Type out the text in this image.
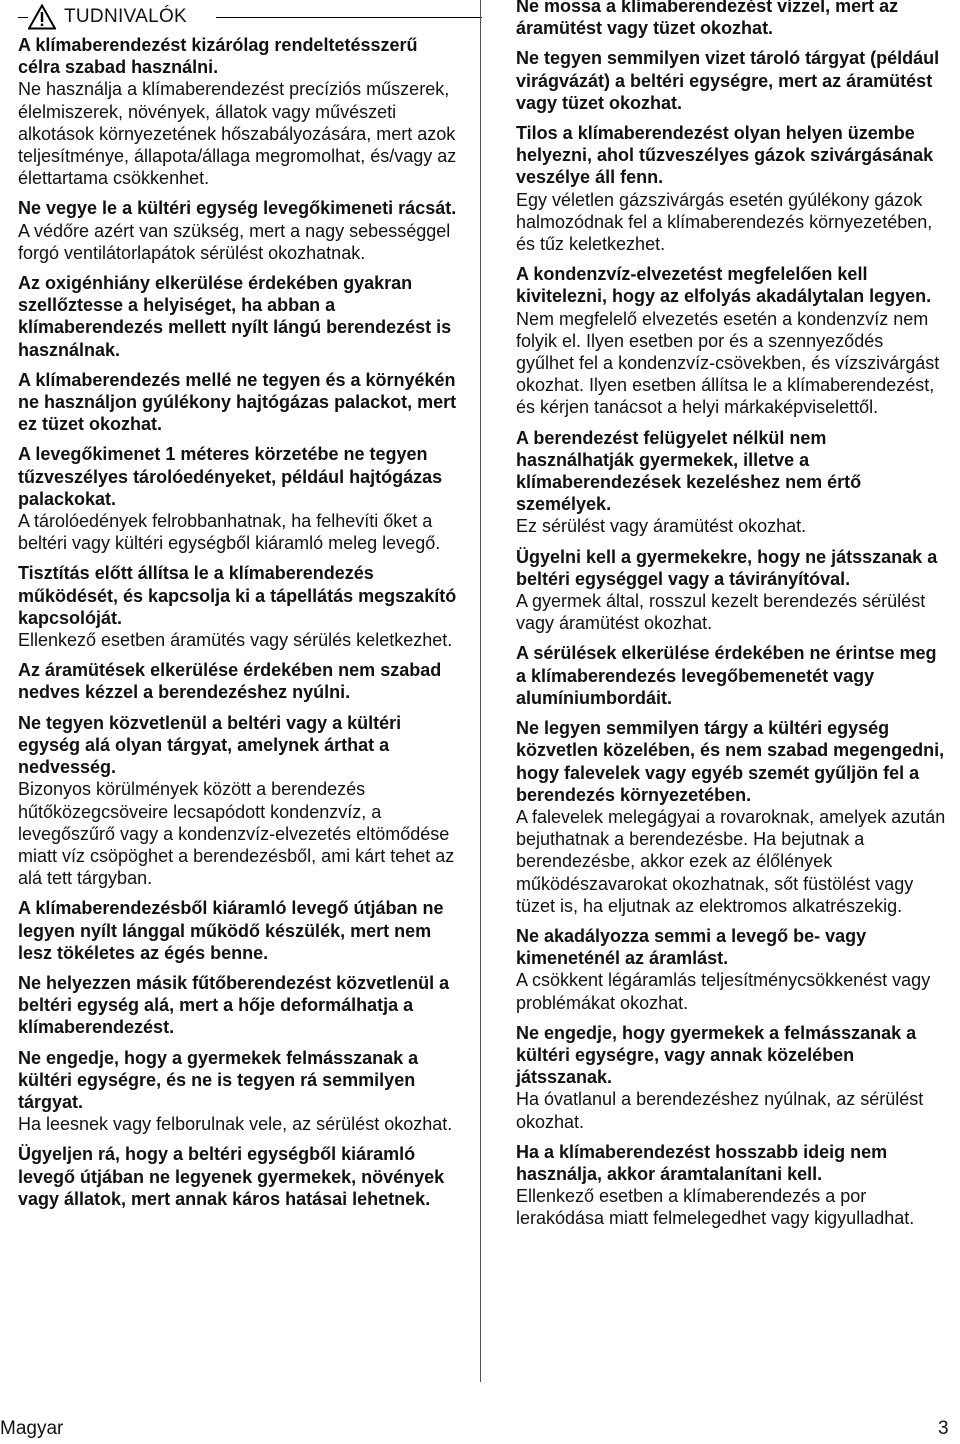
TUDNIVALÓK

A klímaberendezést kizárólag rendeltetésszerű célra szabad használni.

Ne használja a klímaberendezést precíziós műszerek, élelmiszerek, növények, állatok vagy művészeti alkotások környezetének hőszabályozására, mert azok teljesítménye, állapota/állaga megromolhat, és/vagy az élettartama csökkenhet.

Ne vegye le a kültéri egység levegőkimeneti rácsát.

A védőre azért van szükség, mert a nagy sebességgel forgó ventilátorlapátok sérülést okozhatnak.

Az oxigénhiány elkerülése érdekében gyakran szellőztesse a helyiséget, ha abban a klímaberendezés mellett nyílt lángú berendezést is használnak.

A klímaberendezés mellé ne tegyen és a környékén ne használjon gyúlékony hajtógázas palackot, mert ez tüzet okozhat.

A levegőkimenet 1 méteres körzetébe ne tegyen tűzveszélyes tárolóedényeket, például hajtógázas palackokat.

A tárolóedények felrobbanhatnak, ha felhevíti őket a beltéri vagy kültéri egységből kiáramló meleg levegő.

Tisztítás előtt állítsa le a klímaberendezés működését, és kapcsolja ki a tápellátás megszakító kapcsolóját.

Ellenkező esetben áramütés vagy sérülés keletkezhet.

Az áramütések elkerülése érdekében nem szabad nedves kézzel a berendezéshez nyúlni.

Ne tegyen közvetlenül a beltéri vagy a kültéri egység alá olyan tárgyat, amelynek árthat a nedvesség.

Bizonyos körülmények között a berendezés hűtőközegcsöveire lecsapódott kondenzvíz, a levegőszűrő vagy a kondenzvíz-elvezetés eltömődése miatt víz csöpöghet a berendezésből, ami kárt tehet az alá tett tárgyban.

A klímaberendezésből kiáramló levegő útjában ne legyen nyílt lánggal működő készülék, mert nem lesz tökéletes az égés benne.

Ne helyezzen másik fűtőberendezést közvetlenül a beltéri egység alá, mert a hője deformálhatja a klímaberendezést.

Ne engedje, hogy a gyermekek felmásszanak a kültéri egységre, és ne is tegyen rá semmilyen tárgyat.

Ha leesnek vagy felborulnak vele, az sérülést okozhat.

Ügyeljen rá, hogy a beltéri egységből kiáramló levegő útjában ne legyenek gyermekek, növények vagy állatok, mert annak káros hatásai lehetnek.

Ne mossa a klímaberendezést vízzel, mert az áramütést vagy tüzet okozhat.

Ne tegyen semmilyen vizet tároló tárgyat (például virágvázát) a beltéri egységre, mert az áramütést vagy tüzet okozhat.

Tilos a klímaberendezést olyan helyen üzembe helyezni, ahol tűzveszélyes gázok szivárgásának veszélye áll fenn.

Egy véletlen gázszivárgás esetén gyúlékony gázok halmozódnak fel a klímaberendezés környezetében, és tűz keletkezhet.

A kondenzvíz-elvezetést megfelelően kell kivitelezni, hogy az elfolyás akadálytalan legyen.

Nem megfelelő elvezetés esetén a kondenzvíz nem folyik el. Ilyen esetben por és a szennyeződés gyűlhet fel a kondenzvíz-csövekben, és vízszivárgást okozhat. Ilyen esetben állítsa le a klímaberendezést, és kérjen tanácsot a helyi márkaképviselettől.

A berendezést felügyelet nélkül nem használhatják gyermekek, illetve a klímaberendezések kezeléshez nem értő személyek.

Ez sérülést vagy áramütést okozhat.

Ügyelni kell a gyermekekre, hogy ne játsszanak a beltéri egységgel vagy a távirányítóval.

A gyermek által, rosszul kezelt berendezés sérülést vagy áramütést okozhat.

A sérülések elkerülése érdekében ne érintse meg a klímaberendezés levegőbemenetét vagy alumíniumbordáit.

Ne legyen semmilyen tárgy a kültéri egység közvetlen közelében, és nem szabad megengedni, hogy falevelek vagy egyéb szemét gyűljön fel a berendezés környezetében.

A falevelek melegágyai a rovaroknak, amelyek azután bejuthatnak a berendezésbe. Ha bejutnak a berendezésbe, akkor ezek az élőlények működészavarokat okozhatnak, sőt füstölést vagy tüzet is, ha eljutnak az elektromos alkatrészekig.

Ne akadályozza semmi a levegő be- vagy kimeneténél az áramlást.

A csökkent légáramlás teljesítménycsökkenést vagy problémákat okozhat.

Ne engedje, hogy gyermekek a felmásszanak a kültéri egységre, vagy annak közelében játsszanak.

Ha óvatlanul a berendezéshez nyúlnak, az sérülést okozhat.

Ha a klímaberendezést hosszabb ideig nem használja, akkor áramtalanítani kell.

Ellenkező esetben a klímaberendezés a por lerakódása miatt felmelegedhet vagy kigyulladhat.

Magyar	3
